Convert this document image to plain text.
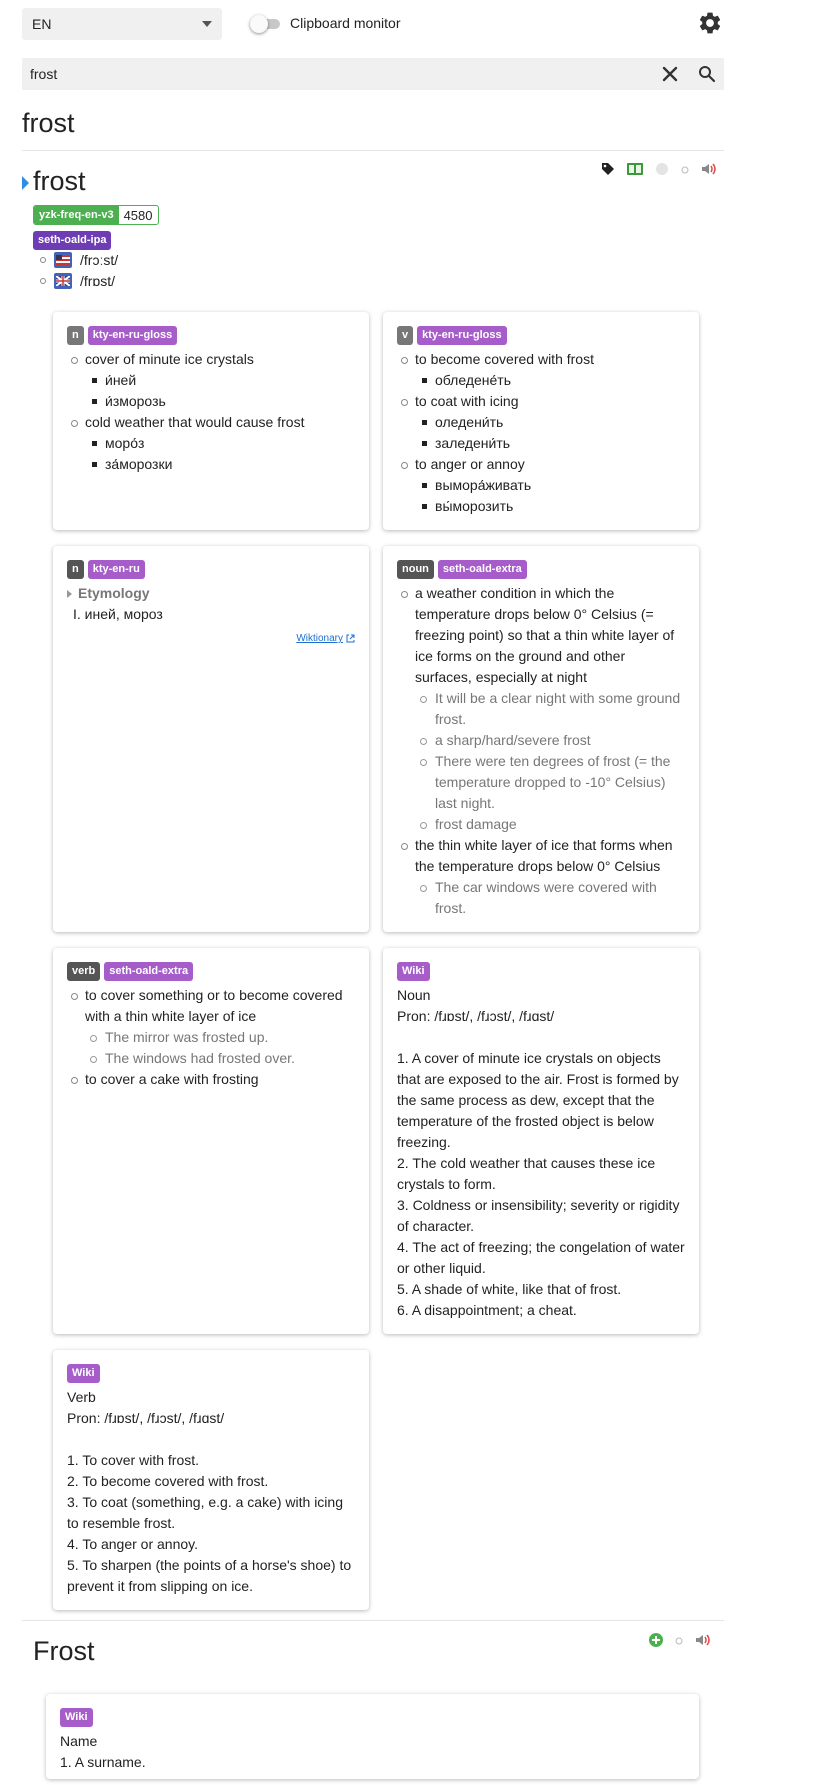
EN	Clipboard monitor
frost
frost
frost
yzk-freq-en-v3 4580
seth-oald-ipa
/frɔːst/
/frɒst/
n	kty-en-ru-gloss
cover of minute ice crystals
и́ней
и́зморозь
cold weather that would cause frost
моро́з
за́морозки
v	kty-en-ru-gloss
to become covered with frost
обледене́ть
to coat with icing
оледени́ть
заледени́ть
to anger or annoy
вымора́живать
вы́морозить
n	kty-en-ru
Etymology
I. иней, мороз
Wiktionary
noun	seth-oald-extra
a weather condition in which the temperature drops below 0° Celsius (= freezing point) so that a thin white layer of ice forms on the ground and other surfaces, especially at night
It will be a clear night with some ground frost.
a sharp/hard/severe frost
There were ten degrees of frost (= the temperature dropped to -10° Celsius) last night.
frost damage
the thin white layer of ice that forms when the temperature drops below 0° Celsius
The car windows were covered with frost.
verb	seth-oald-extra
to cover something or to become covered with a thin white layer of ice
The mirror was frosted up.
The windows had frosted over.
to cover a cake with frosting
Wiki
Noun
Pron: /fɹɒst/, /fɹɔst/, /fɹɑst/

1. A cover of minute ice crystals on objects that are exposed to the air. Frost is formed by the same process as dew, except that the temperature of the frosted object is below freezing.
2. The cold weather that causes these ice crystals to form.
3. Coldness or insensibility; severity or rigidity of character.
4. The act of freezing; the congelation of water or other liquid.
5. A shade of white, like that of frost.
6. A disappointment; a cheat.
Wiki
Verb
Pron: /fɹɒst/, /fɹɔst/, /fɹɑst/

1. To cover with frost.
2. To become covered with frost.
3. To coat (something, e.g. a cake) with icing to resemble frost.
4. To anger or annoy.
5. To sharpen (the points of a horse's shoe) to prevent it from slipping on ice.
Frost
Wiki
Name
1. A surname.
